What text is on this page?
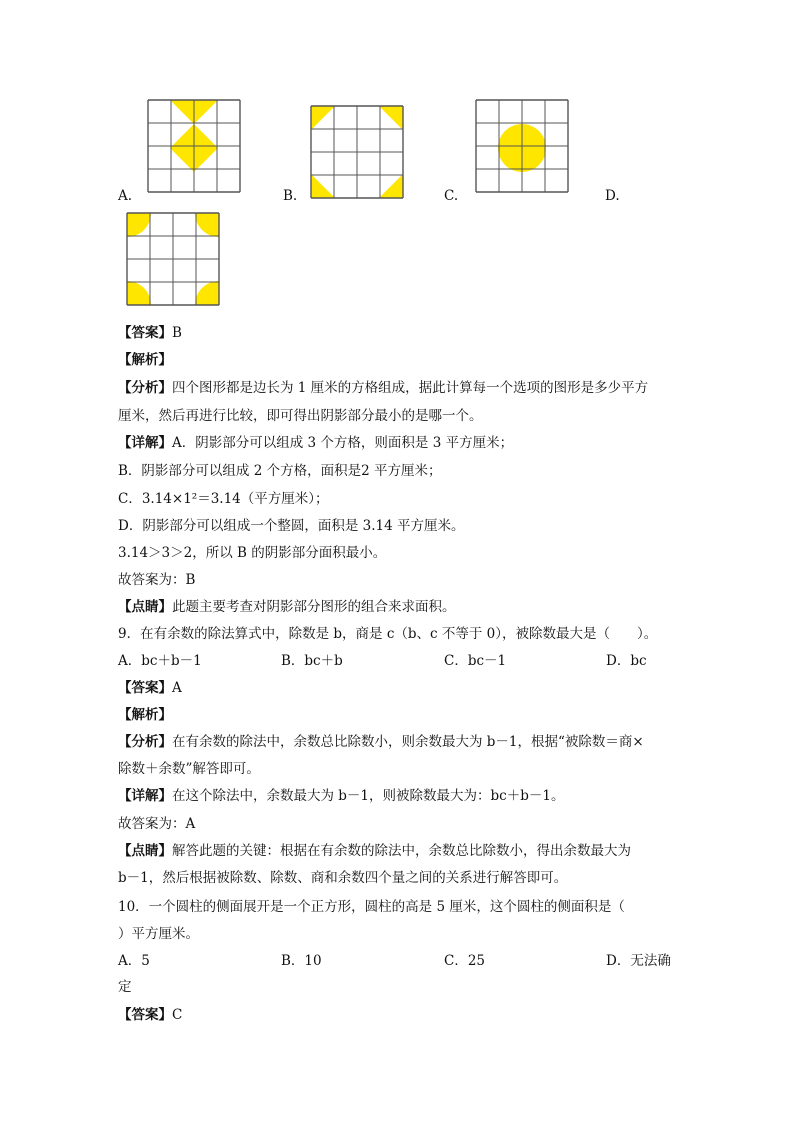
A.	B.	C.	D.
【答案】B
【解析】
【分析】四个图形都是边长为 1 厘米的方格组成，据此计算每一个选项的图形是多少平方
厘米，然后再进行比较，即可得出阴影部分最小的是哪一个。
【详解】A．阴影部分可以组成 3 个方格，则面积是 3 平方厘米；
B．阴影部分可以组成 2 个方格，面积是2 平方厘米；
C．3.14×1²＝3.14（平方厘米）；
D．阴影部分可以组成一个整圆，面积是 3.14 平方厘米。
3.14＞3＞2，所以 B 的阴影部分面积最小。
故答案为：B
【点睛】此题主要考查对阴影部分图形的组合来求面积。
9．在有余数的除法算式中，除数是 b，商是 c（b、c 不等于 0），被除数最大是（　　）。
A．bc＋b－1	B．bc＋b	C．bc－1	D．bc
【答案】A
【解析】
【分析】在有余数的除法中，余数总比除数小，则余数最大为 b－1，根据“被除数＝商×
除数＋余数”解答即可。
【详解】在这个除法中，余数最大为 b－1，则被除数最大为：bc＋b－1。
故答案为：A
【点睛】解答此题的关键：根据在有余数的除法中，余数总比除数小，得出余数最大为
b－1，然后根据被除数、除数、商和余数四个量之间的关系进行解答即可。
10．一个圆柱的侧面展开是一个正方形，圆柱的高是 5 厘米，这个圆柱的侧面积是（
）平方厘米。
A．5	B．10	C．25	D．无法确
定
【答案】C
